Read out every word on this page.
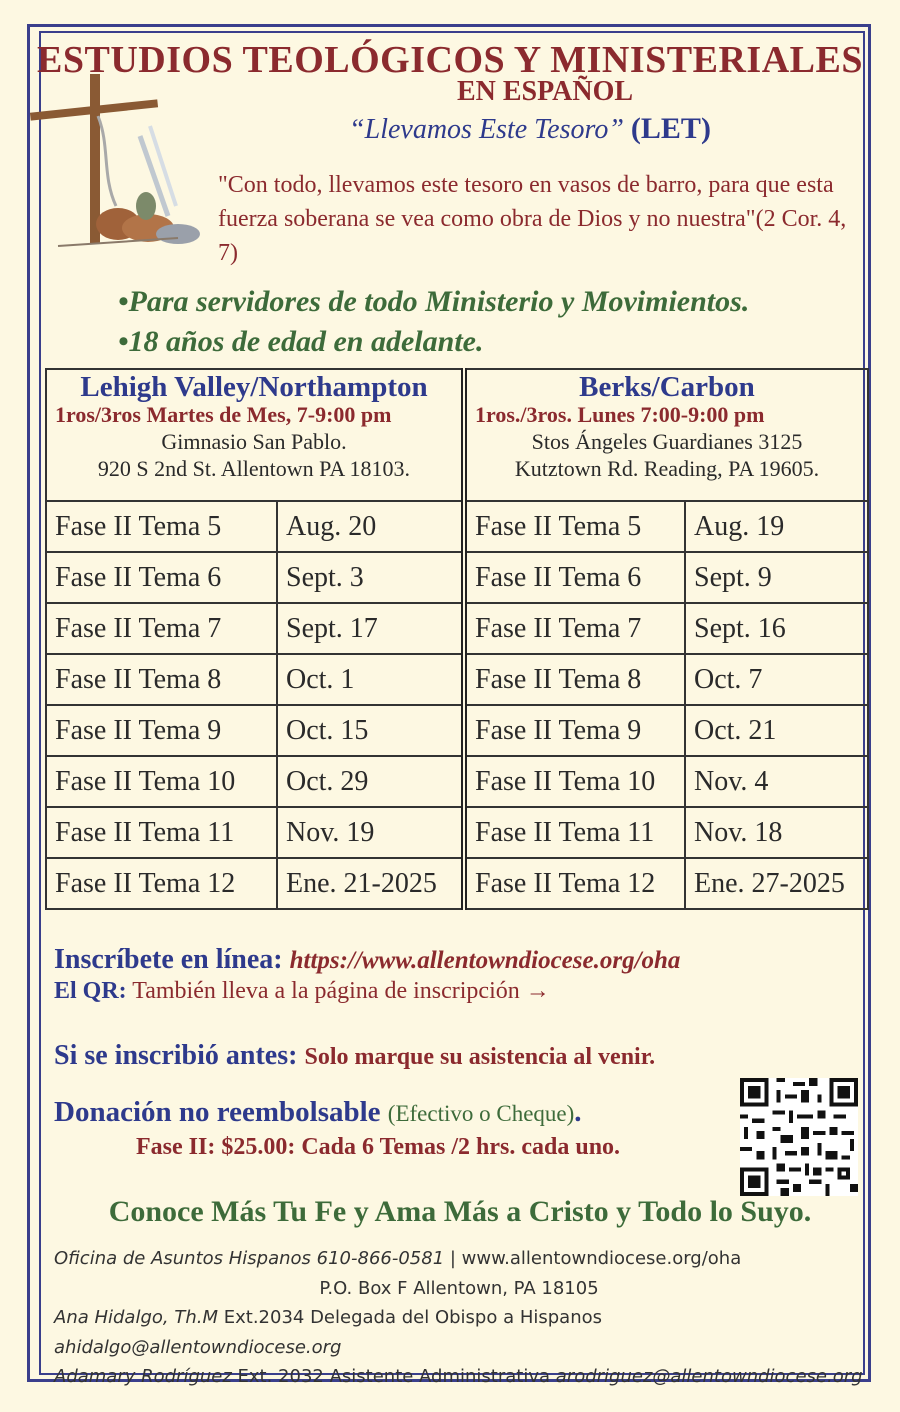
ESTUDIOS TEOLÓGICOS Y MINISTERIALES
EN ESPAÑOL
“Llevamos Este Tesoro” (LET)
"Con todo, llevamos este tesoro en vasos de barro, para que esta fuerza soberana se vea como obra de Dios y no nuestra"(2 Cor. 4, 7)
•Para servidores de todo Ministerio y Movimientos.
•18 años de edad en adelante.
Lehigh Valley/Northampton
1ros/3ros Martes de Mes, 7-9:00 pm
Gimnasio San Pablo.
920 S 2nd St. Allentown PA 18103.		Berks/Carbon
1ros./3ros. Lunes 7:00-9:00 pm
Stos Ángeles Guardianes 3125
Kutztown Rd. Reading, PA 19605.	

Fase II Tema 5	Aug. 20	Fase II Tema 5	Aug. 19
Fase II Tema 6	Sept. 3	Fase II Tema 6	Sept. 9
Fase II Tema 7	Sept. 17	Fase II Tema 7	Sept. 16
Fase II Tema 8	Oct. 1	Fase II Tema 8	Oct. 7
Fase II Tema 9	Oct. 15	Fase II Tema 9	Oct. 21
Fase II Tema 10	Oct. 29	Fase II Tema 10	Nov. 4
Fase II Tema 11	Nov. 19	Fase II Tema 11	Nov. 18
Fase II Tema 12	Ene. 21-2025	Fase II Tema 12	Ene. 27-2025
Inscríbete en línea: https://www.allentowndiocese.org/oha
El QR: También lleva a la página de inscripción →
Si se inscribió antes: Solo marque su asistencia al venir.
Donación no reembolsable (Efectivo o Cheque).
Fase II: $25.00: Cada 6 Temas /2 hrs. cada uno.
Conoce Más Tu Fe y Ama Más a Cristo y Todo lo Suyo.
Oficina de Asuntos Hispanos 610-866-0581 | www.allentowndiocese.org/oha
P.O. Box F Allentown, PA 18105
Ana Hidalgo, Th.M Ext.2034 Delegada del Obispo a Hispanos ahidalgo@allentowndiocese.org
Adamary Rodríguez Ext. 2032 Asistente Administrativa arodriguez@allentowndiocese.org
